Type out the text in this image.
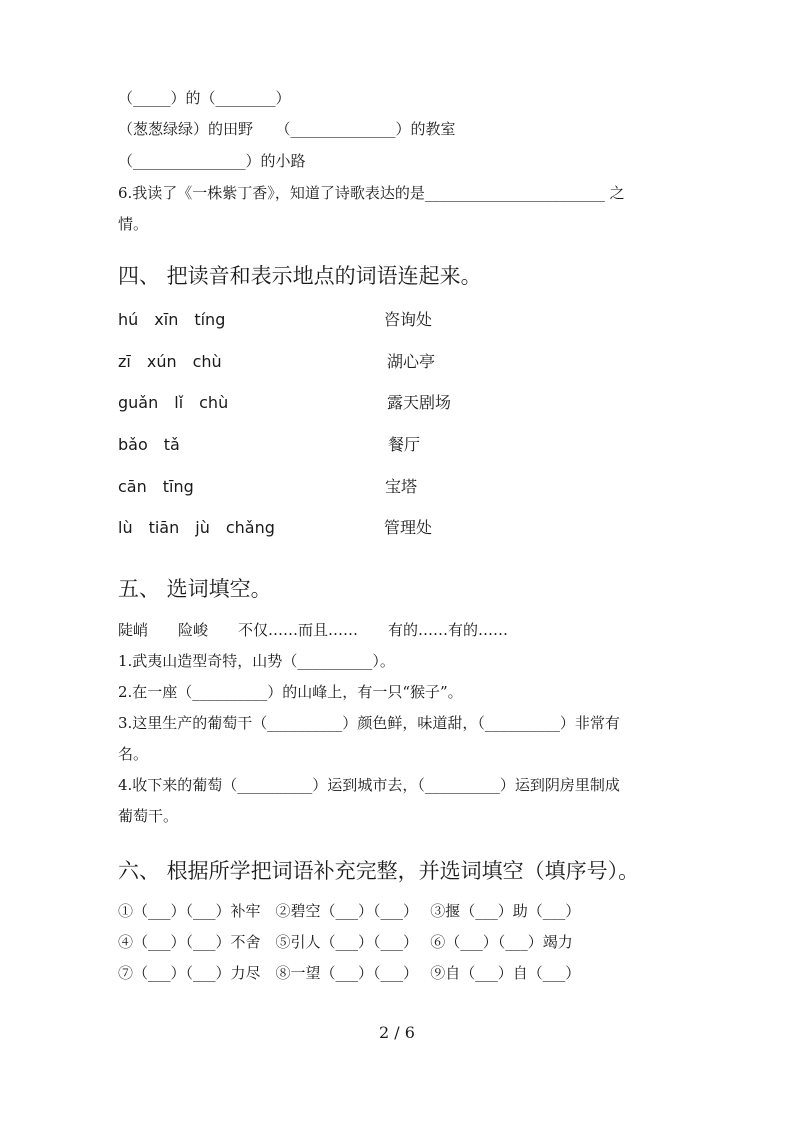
（_____）的（________）
（葱葱绿绿）的田野　　（______________）的教室
（_______________）的小路
6.我读了《一株紫丁香》，知道了诗歌表达的是________________________ 之
情。
四、 把读音和表示地点的词语连起来。
hú　xīn　tíng
zī　xún　chù
guǎn　lǐ　chù
bǎo　tǎ
cān　tīng
lù　tiān　jù　chǎng
咨询处
湖心亭
露天剧场
餐厅
宝塔
管理处
五、 选词填空。
陡峭　　险峻　　不仅……而且……　　有的……有的……
1.武夷山造型奇特，山势（__________）。
2.在一座（__________）的山峰上，有一只“猴子”。
3.这里生产的葡萄干（__________）颜色鲜，味道甜，（__________）非常有
名。
4.收下来的葡萄（__________）运到城市去，（__________）运到阴房里制成
葡萄干。
六、 根据所学把词语补充完整，并选词填空（填序号）。
①（___）（___）补牢　②碧空（___）（___）　 ③揠（___）助（___）
④（___）（___）不舍　⑤引人（___）（___）　 ⑥（___）（___）竭力
⑦（___）（___）力尽　⑧一望（___）（___）　 ⑨自（___）自（___）
2 / 6
